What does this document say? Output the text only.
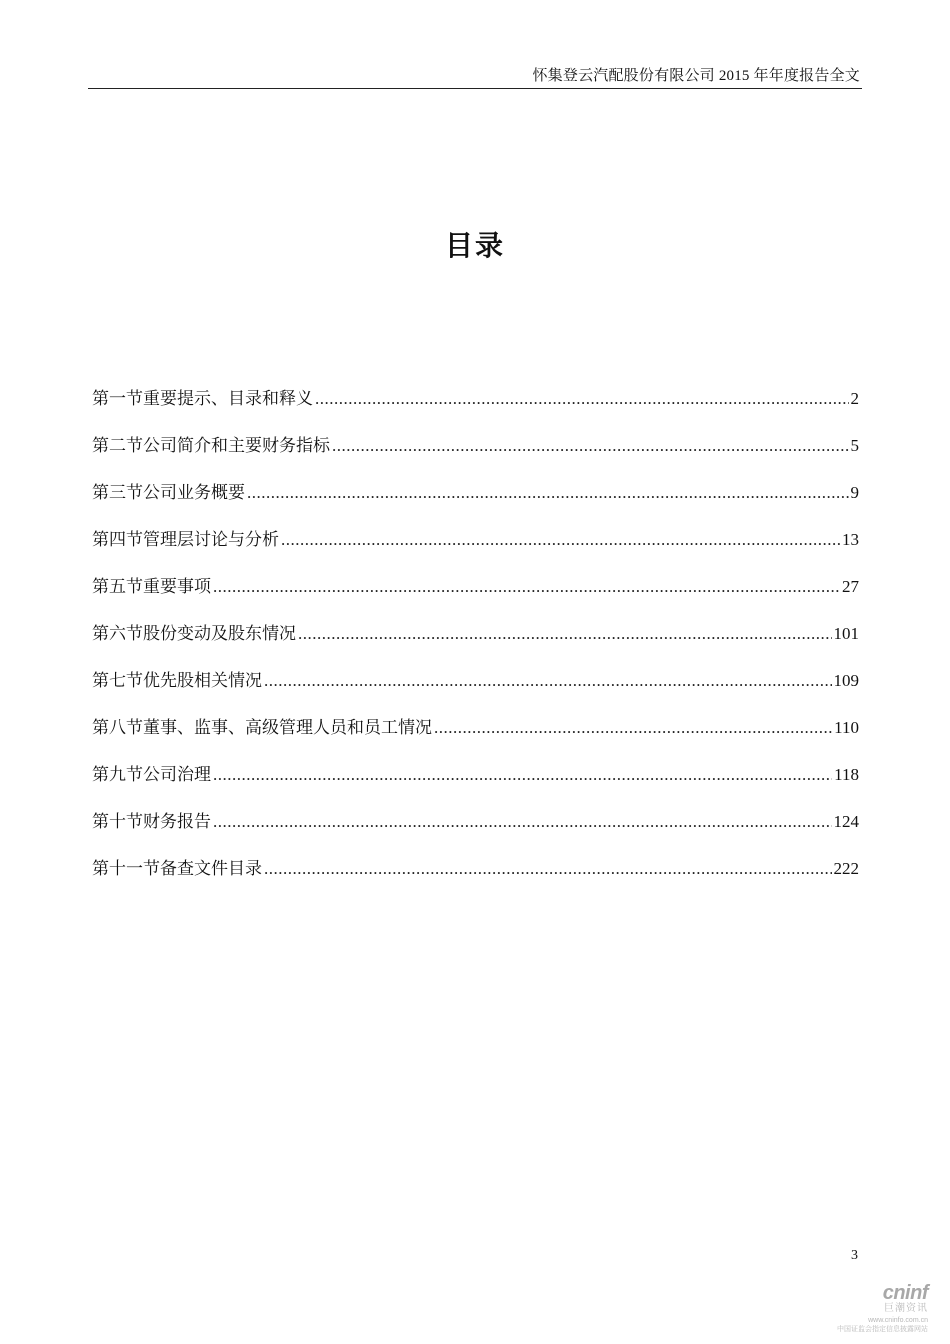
怀集登云汽配股份有限公司 2015 年年度报告全文
目录
第一节重要提示、目录和释义 .....	2
第二节公司简介和主要财务指标 .....	5
第三节公司业务概要 .....	9
第四节管理层讨论与分析 .....	13
第五节重要事项 .....	27
第六节股份变动及股东情况 .....	101
第七节优先股相关情况 .....	109
第八节董事、监事、高级管理人员和员工情况 .....	110
第九节公司治理 .....	118
第十节财务报告 .....	124
第十一节备查文件目录 .....	222
3
cninf
巨潮资讯
www.cninfo.com.cn
中国证监会指定信息披露网站
